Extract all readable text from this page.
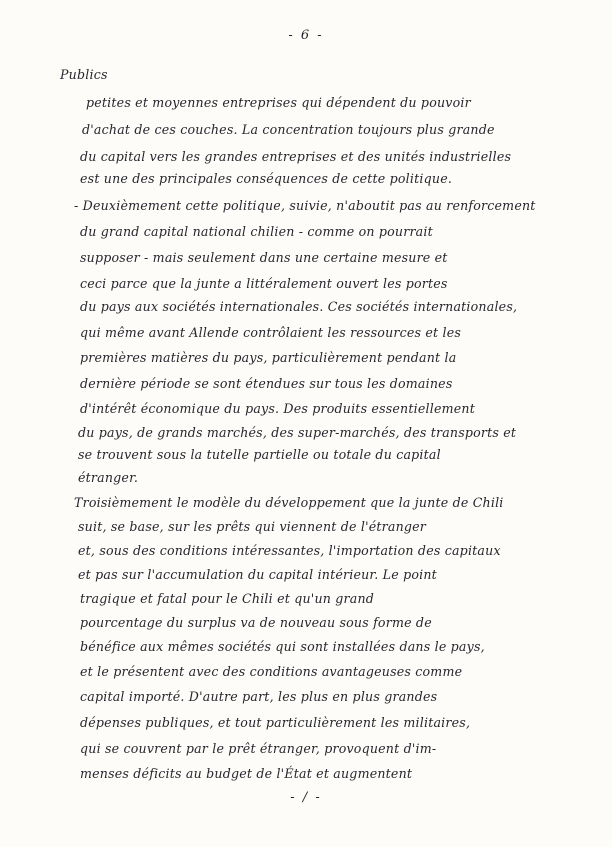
- 6 -
Publics
petites et moyennes entreprises qui dépendent du pouvoir
d'achat de ces couches. La concentration toujours plus grande
du capital vers les grandes entreprises et des unités industrielles
est une des principales conséquences de cette politique.
- Deuxièmement cette politique, suivie, n'aboutit pas au renforcement
du grand capital national chilien - comme on pourrait
supposer - mais seulement dans une certaine mesure et
ceci parce que la junte a littéralement ouvert les portes
du pays aux sociétés internationales. Ces sociétés internationales,
qui même avant Allende contrôlaient les ressources et les
premières matières du pays, particulièrement pendant la
dernière période se sont étendues sur tous les domaines
d'intérêt économique du pays. Des produits essentiellement
du pays, de grands marchés, des super-marchés, des transports et
se trouvent sous la tutelle partielle ou totale du capital
étranger.
Troisièmement le modèle du développement que la junte de Chili
suit, se base, sur les prêts qui viennent de l'étranger
et, sous des conditions intéressantes, l'importation des capitaux
et pas sur l'accumulation du capital intérieur. Le point
tragique et fatal pour le Chili et qu'un grand
pourcentage du surplus va de nouveau sous forme de
bénéfice aux mêmes sociétés qui sont installées dans le pays,
et le présentent avec des conditions avantageuses comme
capital importé. D'autre part, les plus en plus grandes
dépenses publiques, et tout particulièrement les militaires,
qui se couvrent par le prêt étranger, provoquent d'im-
menses déficits au budget de l'État et augmentent
- / -
